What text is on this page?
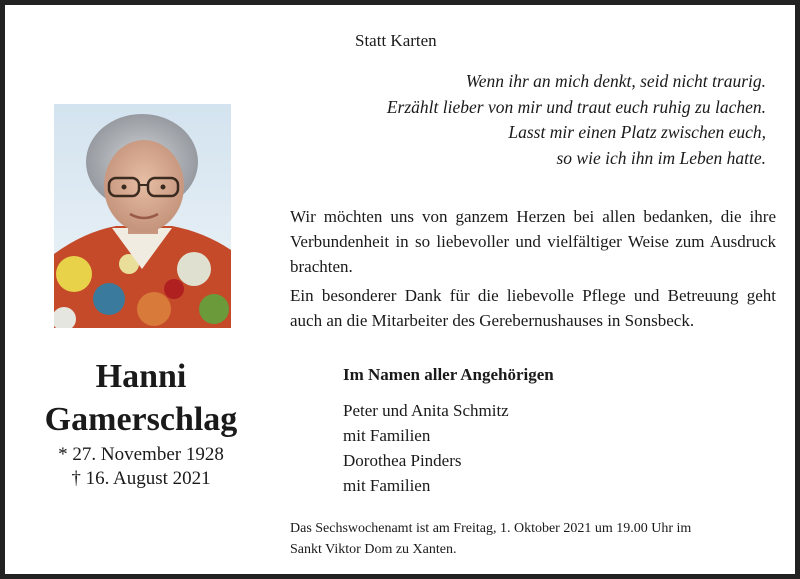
Statt Karten
Wenn ihr an mich denkt, seid nicht traurig.
Erzählt lieber von mir und traut euch ruhig zu lachen.
Lasst mir einen Platz zwischen euch,
so wie ich ihn im Leben hatte.

Wir möchten uns von ganzem Herzen bei allen bedanken, die ihre Verbundenheit in so liebevoller und vielfältiger Weise zum Ausdruck brachten.

Ein besonderer Dank für die liebevolle Pflege und Betreuung geht auch an die Mitarbeiter des Gerebernushauses in Sonsbeck.

Hanni
Gamerschlag
* 27. November 1928
† 16. August 2021
Im Namen aller Angehörigen
Peter und Anita Schmitz
mit Familien
Dorothea Pinders
mit Familien
Das Sechswochenamt ist am Freitag, 1. Oktober 2021 um 19.00 Uhr im
Sankt Viktor Dom zu Xanten.
